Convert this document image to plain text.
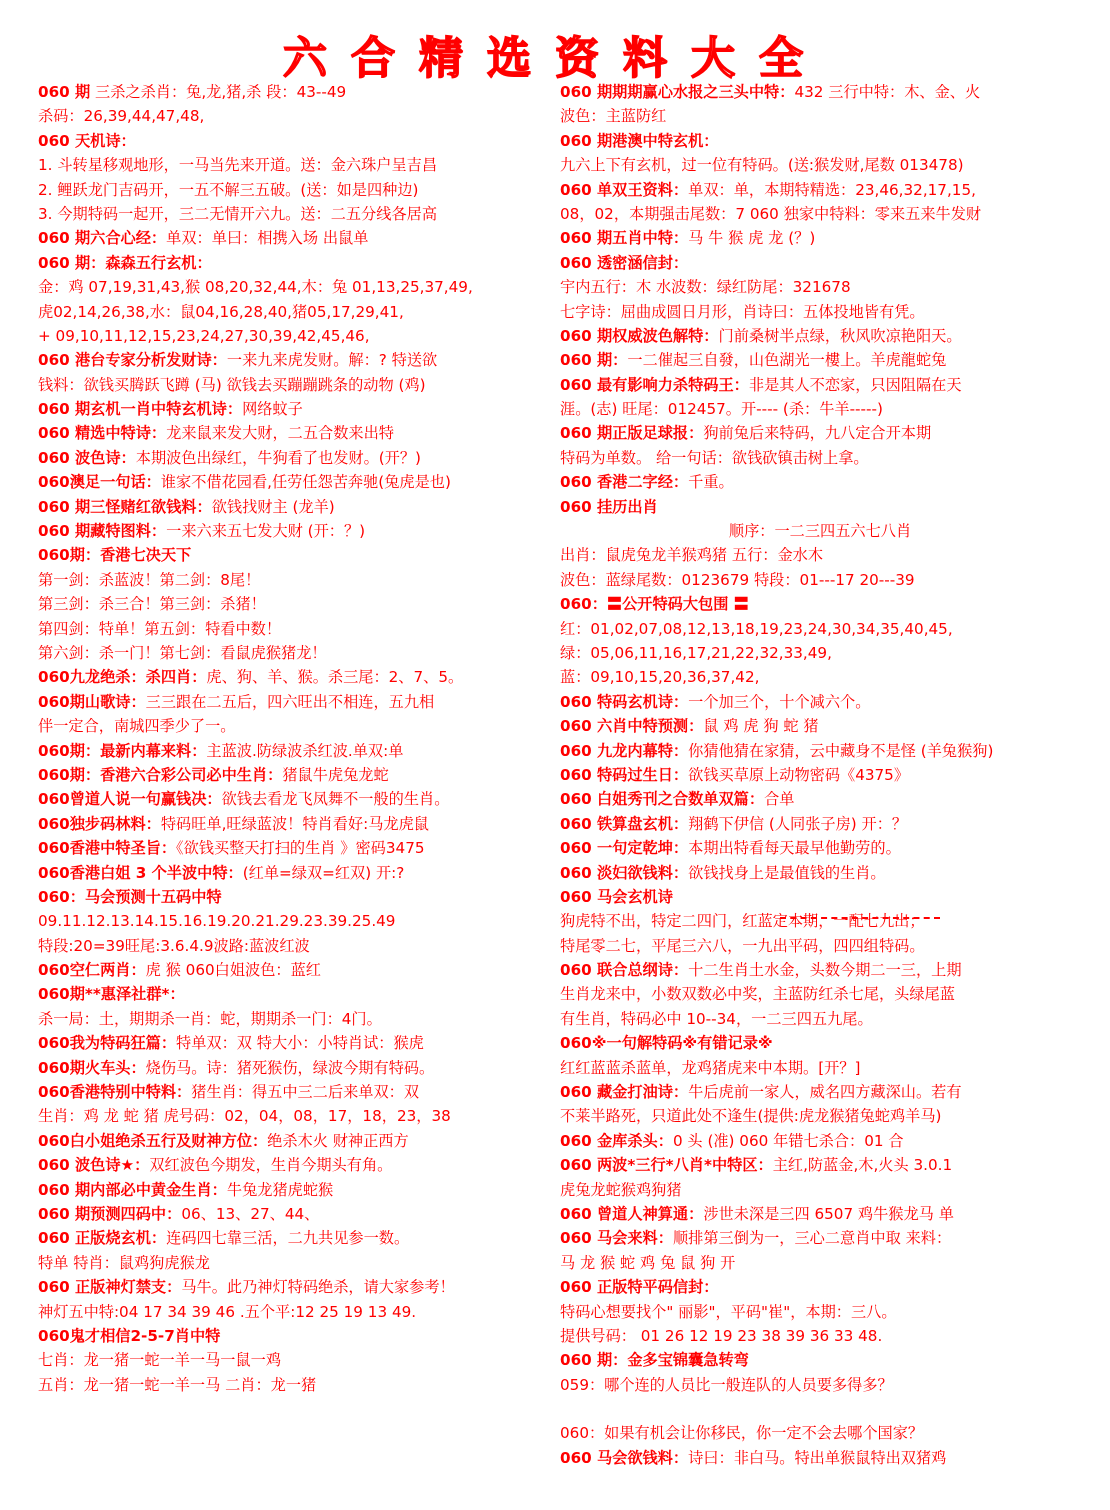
六合精选资料大全
060 期 三杀之杀肖：兔,龙,猪,杀 段：43--49
杀码：26,39,44,47,48,
060 天机诗：
1. 斗转星移观地形，一马当先来开道。送：金六珠户呈吉昌
2. 鲤跃龙门吉码开，一五不解三五破。(送：如是四种边)
3. 今期特码一起开，三二无情开六九。送：二五分线各居高
060 期六合心经：单双：单曰：相携入场 出鼠单
060 期：森森五行玄机：
金：鸡 07,19,31,43,猴 08,20,32,44,木：兔 01,13,25,37,49,
虎02,14,26,38,水：鼠04,16,28,40,猪05,17,29,41,
+ 09,10,11,12,15,23,24,27,30,39,42,45,46,
060 港台专家分析发财诗：一来九来虎发财。解：? 特送欲
钱料：欲钱买腾跃飞蹲 (马) 欲钱去买蹦蹦跳条的动物 (鸡)
060 期玄机一肖中特玄机诗：网络蚊子
060 精选中特诗：龙来鼠来发大财，二五合数来出特
060 波色诗：本期波色出绿红，牛狗看了也发财。(开？)
060澳足一句话：谁家不借花园看,任劳任怨苦奔驰(兔虎是也)
060 期三怪赌红欲钱料：欲钱找财主 (龙羊)
060 期藏特图料：一来六来五七发大财 (开：？)
060期：香港七决天下
第一剑：杀蓝波！第二剑：8尾！
第三剑：杀三合！第三剑：杀猪！
第四剑：特单！第五剑：特看中数！
第六剑：杀一门！第七剑：看鼠虎猴猪龙！
060九龙绝杀：杀四肖：虎、狗、羊、猴。杀三尾：2、7、5。
060期山歌诗：三三跟在二五后，四六旺出不相连，五九相
伴一定合，南城四季少了一。
060期：最新内幕来料：主蓝波.防绿波杀红波.单双:单
060期：香港六合彩公司必中生肖：猪鼠牛虎兔龙蛇
060曾道人说一句赢钱决：欲钱去看龙飞凤舞不一般的生肖。
060独步码林料：特码旺单,旺绿蓝波！特肖看好:马龙虎鼠
060香港中特圣旨：《欲钱买整天打扫的生肖 》密码3475
060香港白姐 3 个半波中特：(红单=绿双=红双) 开:?
060：马会预测十五码中特
09.11.12.13.14.15.16.19.20.21.29.23.39.25.49
特段:20=39旺尾:3.6.4.9波路:蓝波红波
060空仁两肖：虎 猴 060白姐波色：蓝红
060期**惠泽社群*：
杀一局：土，期期杀一肖：蛇，期期杀一门：4门。
060我为特码狂篇：特单双：双 特大小：小特肖试：猴虎
060期火车头：烧伤马。诗：猪死猴伤，绿波今期有特码。
060香港特别中特料：猪生肖：得五中三二后来单双：双
生肖：鸡 龙 蛇 猪 虎号码：02，04，08，17，18，23，38
060白小姐绝杀五行及财神方位：绝杀木火 财神正西方
060 波色诗★：双红波色今期发，生肖今期头有角。
060 期内部必中黄金生肖：牛兔龙猪虎蛇猴
060 期预测四码中：06、13、27、44、
060 正版烧玄机：连码四七靠三活，二九共见参一数。
特单 特肖：鼠鸡狗虎猴龙
060 正版神灯禁支：马牛。此乃神灯特码绝杀，请大家参考！
神灯五中特:04 17 34 39 46 .五个平:12 25 19 13 49.
060鬼才相信2-5-7肖中特
七肖：龙一猪一蛇一羊一马一鼠一鸡
五肖：龙一猪一蛇一羊一马 二肖：龙一猪
060 期期期赢心水报之三头中特：432 三行中特：木、金、火
波色：主蓝防红
060 期港澳中特玄机：
九六上下有玄机，过一位有特码。(送:猴发财,尾数 013478)
060 单双王资料：单双：单，本期特精选：23,46,32,17,15,
08，02，本期强击尾数：7 060 独家中特料：零来五来牛发财
060 期五肖中特：马 牛 猴 虎 龙 (？)
060 透密涵信封：
宇内五行：木 水波数：绿红防尾：321678
七字诗：屈曲成圆日月形，肖诗曰：五体投地皆有凭。
060 期权威波色解特：门前桑树半点绿，秋风吹凉艳阳天。
060 期：一二催起三自發，山色湖光一樓上。羊虎龍蛇兔
060 最有影响力杀特码王：非是其人不恋家，只因阻隔在天
涯。(志) 旺尾：012457。开---- (杀：牛羊-----)
060 期正版足球报：狗前兔后来特码，九八定合开本期
特码为单数。 给一句话：欲钱砍镇击树上拿。
060 香港二字经：千重。
060 挂历出肖
顺序：一二三四五六七八肖
出肖：鼠虎兔龙羊猴鸡猪 五行：金水木
波色：蓝绿尾数：0123679 特段：01---17 20---39
060：〓公开特码大包围 〓
红：01,02,07,08,12,13,18,19,23,24,30,34,35,40,45,
绿：05,06,11,16,17,21,22,32,33,49,
蓝：09,10,15,20,36,37,42,
060 特码玄机诗：一个加三个，十个减六个。
060 六肖中特预测：鼠 鸡 虎 狗 蛇 猪
060 九龙内幕特：你猜他猜在家猜，云中藏身不是怪 (羊兔猴狗)
060 特码过生日：欲钱买草原上动物密码《4375》
060 白姐秀刊之合数单双篇：合单
060 铁算盘玄机：翔鹤下伊信 (人同张子房) 开：？
060 一句定乾坤：本期出特看每天最早他勤劳的。
060 淡妇欲钱料：欲钱找身上是最值钱的生肖。
060 马会玄机诗
狗虎特不出，特定二四门，红蓝定本期，一配七九出；
特尾零二七，平尾三六八，一九出平码，四四组特码。
060 联合总纲诗：十二生肖土水金，头数今期二一三，上期
生肖龙来中，小数双数必中奖，主蓝防红杀七尾，头绿尾蓝
有生肖，特码必中 10--34，一二三四五九尾。
060※一句解特码※有错记录※
红红蓝蓝杀蓝单，龙鸡猪虎来中本期。[开？]
060 藏金打油诗：牛后虎前一家人，威名四方藏深山。若有
不莱半路死，只道此处不逢生(提供:虎龙猴猪兔蛇鸡羊马)
060 金库杀头：0 头 (准) 060 年错七杀合：01 合
060 两波*三行*八肖*中特区：主红,防蓝金,木,火头 3.0.1
虎兔龙蛇猴鸡狗猪
060 曾道人神算通：涉世未深是三四 6507 鸡牛猴龙马 单
060 马会来料：顺排第三倒为一，三心二意肖中取 来料：
马 龙 猴 蛇 鸡 兔 鼠 狗 开
060 正版特平码信封：
特码心想要找个" 丽影"，平码"崔"，本期：三八。
提供号码： 01 26 12 19 23 38 39 36 33 48.
060 期：金多宝锦囊急转弯
059：哪个连的人员比一般连队的人员要多得多？
060：如果有机会让你移民，你一定不会去哪个国家？
060 马会欲钱料：诗曰：非白马。特出单猴鼠特出双猪鸡
